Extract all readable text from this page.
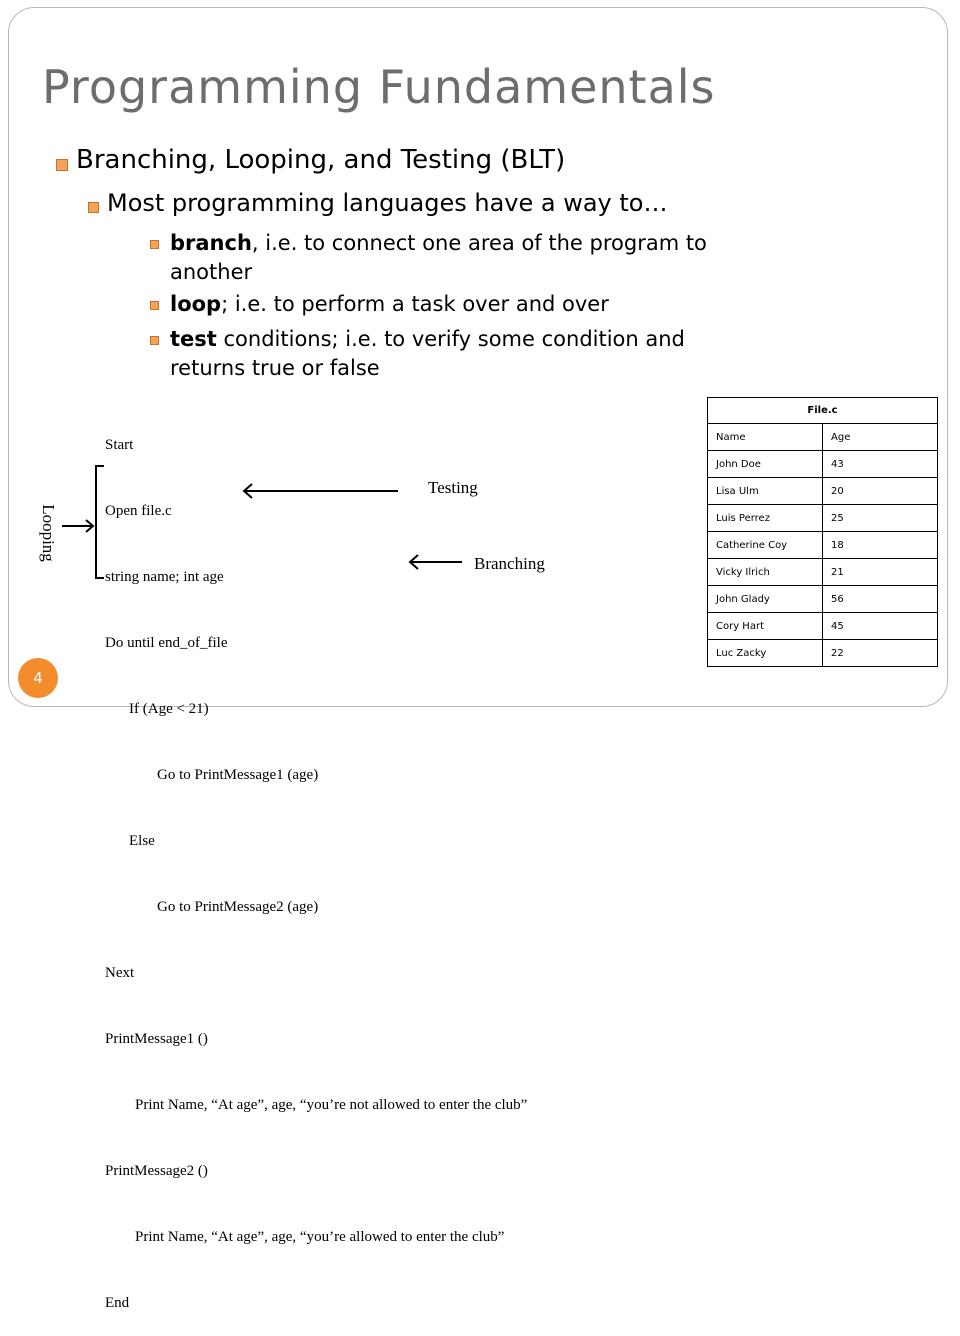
Programming Fundamentals
Branching, Looping, and Testing (BLT)
Most programming languages have a way to…
branch, i.e. to connect one area of the program to
another
loop; i.e. to perform a task over and over
test conditions; i.e. to verify some condition and
returns true or false

Start

Open file.c

string name; int age

Do until end_of_file

If (Age < 21)

Go to PrintMessage1 (age)

Else

Go to PrintMessage2 (age)

Next

PrintMessage1 ()

Print Name, “At age”, age, “you’re not allowed to enter the club”

PrintMessage2 ()

Print Name, “At age”, age, “you’re allowed to enter the club”

End

Testing
Branching
Looping
File.c	
Name	Age
John Doe	43
Lisa Ulm	20
Luis Perrez	25
Catherine Coy	18
Vicky Ilrich	21
John Glady	56
Cory Hart	45
Luc Zacky	22
4
